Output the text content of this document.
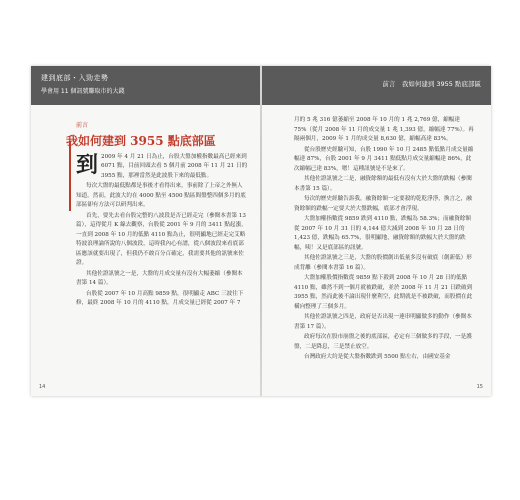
建到底部・入勁走勢
學會用 11 個訊號賺取市的大錢
前言　我如何建到 3955 點底部區
前言
我如何建到 3955 點底部區

到 2009 年 4 月 21 日為止，台股大盤加權指數最高已經來到 6071 點，目前回頭去看 5 個月前 2008 年 11 月 21 日的 3955 點，那裡當然是此波股下來的最低點。

每次大盤的最低點都是事後才看得出來，事前除了上帝之外無人知道。然而，此波大約在 4000 點至 4500 點區間盤整四個多月的底部區卻有方法可以研判出來。

首先，要先去看台股完整的八波段是否已經走完（參閱本書第 13 篇），這得從月 K 線去觀察，台股從 2001 年 9 月的 3411 點起漲，一直到 2008 年 10 月的低點 4110 點為止，很明顯地已經走完艾略特波浪理論所說的八個波段，這時我內心有譜，從八個波段來看底部區應該就要出現了，但我仍不敢百分百確定，我需要其他的訊號來佐證。

其他佐證訊號之一是，大盤的月成交量有沒有大幅萎縮（參閱本書第 14 篇）。

台股從 2007 年 10 月高點 9859 點，很明顯走 ABC 三波往下修，最終 2008 年 10 月的 4110 點，月成交量已經從 2007 年 7

月的 5 兆 316 億萎縮至 2008 年 10 月的 1 兆 2,769 億，縮幅達 75%（從月 2008 年 11 月的成交量 1 兆 1,393 億，縮幅達 77%）。再隔兩個月，2009 年 1 月的成交量 8,630 億，縮幅高達 83%。

從台股歷史經驗可知，台股 1990 年 10 月 2485 點低點月成交量縮幅達 87%，台股 2001 年 9 月 3411 點低點月成交量縮幅達 86%，此次縮幅已達 83%，嗯！這種訊號是不是來了。

其他佐證訊號之二是，融資餘額的最低有沒有大於大盤的跌幅（參閱本書第 15 篇）。

每次的歷史經驗告訴我，融資餘額一定要殺的乾乾淨淨，換言之，融資餘額的跌幅一定要大於大盤跌幅，底部才會浮現。

大盤加權指數從 9859 跌到 4110 點，跌幅為 58.3%；而融資餘額從 2007 年 10 月 31 日的 4,144 億大減到 2008 年 10 月 28 日的 1,423 億，跌幅為 65.7%，很明顯地，融資餘額的跌幅大於大盤的跌幅，咦！又是底部區的訊號。

其他佐證訊號之三是，大盤的股價創出低量多沒有破底（創新低）形成背離（參閱本書第 16 篇）。

大盤加權股價指數從 9859 點下殺到 2008 年 10 月 28 日的低點 4110 點，雖然不到一個月就被跌破，並於 2008 年 11 月 21 日跌破到 3955 點，然而此後不論出現什麼利空，此期就是不被跌破，而股價在此橫向整理了三個多月。

其他佐證訊號之四是，政府是否出現一連串明顯做多的動作（參閱本書第 17 篇）。

政府每次在股市崩盤之後的底部區，必定有三個做多的手段，一是護盤，二是降息，三是禁止放空。

台灣政府大約是從大盤指數跌到 5500 點左右，由國安基金

14	15
